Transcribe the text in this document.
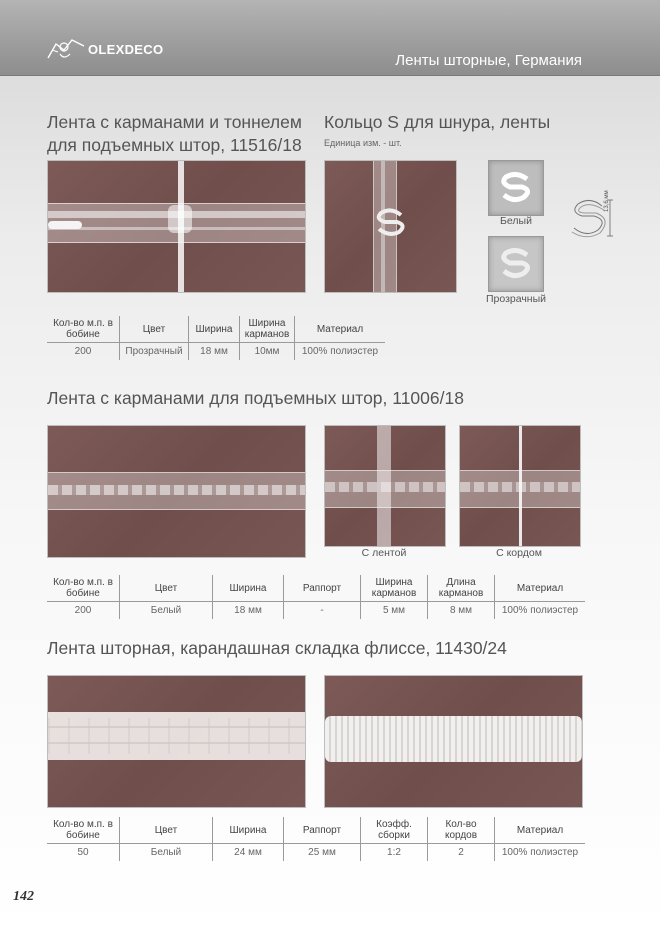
OLEXDECO
Ленты шторные, Германия
Лента с карманами и тоннелем
для подъемных штор, 11516/18
Кол-во м.п. в бобине	Цвет	Ширина	Ширина карманов	Материал
200	Прозрачный	18 мм	10мм	100% полиэстер
Кольцо S для шнура, ленты
Единица изм. - шт.
Белый
Прозрачный
13,6 мм
Лента с карманами для подъемных штор, 11006/18
С лентой	С кордом
Кол-во м.п. в бобине	Цвет	Ширина	Раппорт	Ширина карманов	Длина карманов	Материал
200	Белый	18 мм	-	5 мм	8 мм	100% полиэстер
Лента шторная, карандашная складка флиссе, 11430/24
Кол-во м.п. в бобине	Цвет	Ширина	Раппорт	Коэфф. сборки	Кол-во кордов	Материал
50	Белый	24 мм	25 мм	1:2	2	100% полиэстер
142
